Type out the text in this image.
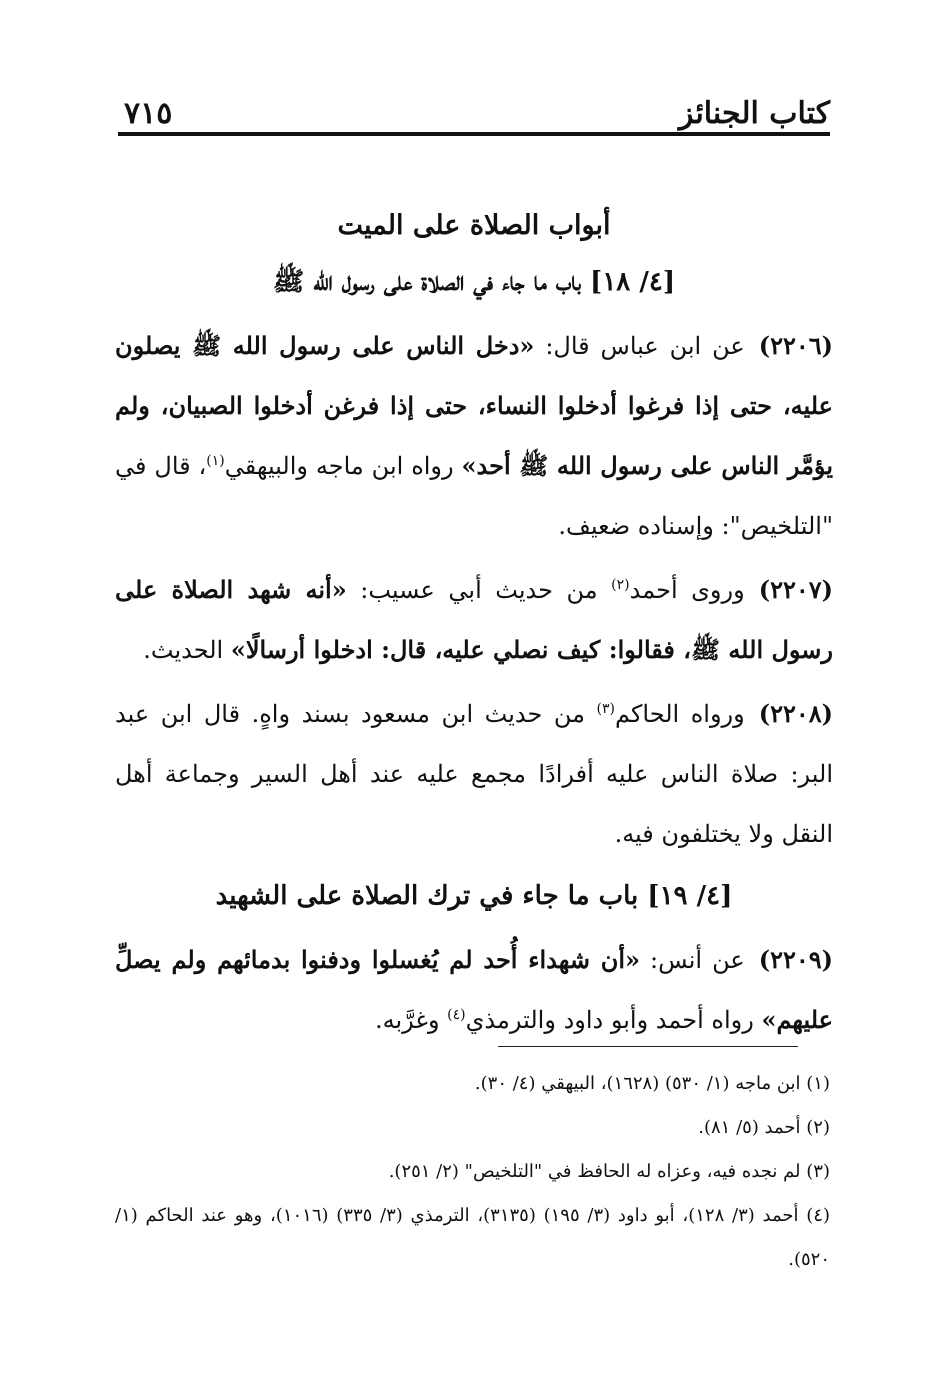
كتاب الجنائز
٧١٥
أبواب الصلاة على الميت
[٤/ ١٨] باب ما جاء في الصلاة على رسول الله ﷺ

(٢٢٠٦)عن ابن عباس قال: «دخل الناس على رسول الله ﷺ يصلون عليه، حتى إذا فرغوا أدخلوا النساء، حتى إذا فرغن أدخلوا الصبيان، ولم يؤمَّر الناس على رسول الله ﷺ أحد» رواه ابن ماجه والبيهقي$^{(١)}$، قال في "التلخيص": وإسناده ضعيف.

(٢٢٠٧)وروى أحمد$^{(٢)}$ من حديث أبي عسيب: «أنه شهد الصلاة على رسول الله ﷺ، فقالوا: كيف نصلي عليه، قال: ادخلوا أرسالًا» الحديث.

(٢٢٠٨)ورواه الحاكم$^{(٣)}$ من حديث ابن مسعود بسند واهٍ. قال ابن عبد البر: صلاة الناس عليه أفرادًا مجمع عليه عند أهل السير وجماعة أهل النقل ولا يختلفون فيه.

[٤/ ١٩] باب ما جاء في ترك الصلاة على الشهيد

(٢٢٠٩)عن أنس: «أن شهداء أُحد لم يُغسلوا ودفنوا بدمائهم ولم يصلِّ عليهم» رواه أحمد وأبو داود والترمذي$^{(٤)}$ وغرَّبه.

(١) ابن ماجه (١/ ٥٣٠) (١٦٢٨)، البيهقي (٤/ ٣٠).

(٢) أحمد (٥/ ٨١).

(٣) لم نجده فيه، وعزاه له الحافظ في "التلخيص" (٢/ ٢٥١).

(٤) أحمد (٣/ ١٢٨)، أبو داود (٣/ ١٩٥) (٣١٣٥)، الترمذي (٣/ ٣٣٥) (١٠١٦)، وهو عند الحاكم (١/ ٥٢٠).
